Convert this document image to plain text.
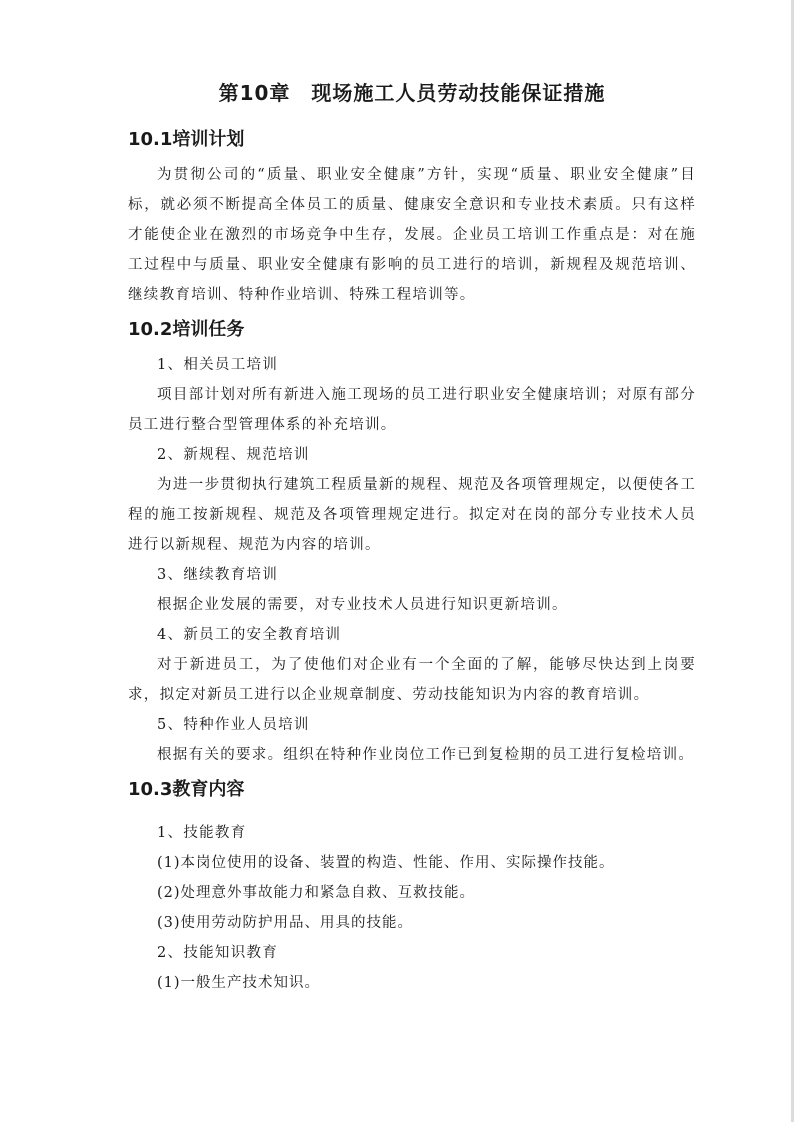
第10章　现场施工人员劳动技能保证措施
10.1培训计划

为贯彻公司的“质量、职业安全健康”方针，实现“质量、职业安全健康”目标，就必须不断提高全体员工的质量、健康安全意识和专业技术素质。只有这样才能使企业在激烈的市场竞争中生存，发展。企业员工培训工作重点是：对在施工过程中与质量、职业安全健康有影响的员工进行的培训，新规程及规范培训、继续教育培训、特种作业培训、特殊工程培训等。

10.2培训任务

1、相关员工培训

项目部计划对所有新进入施工现场的员工进行职业安全健康培训；对原有部分员工进行整合型管理体系的补充培训。

2、新规程、规范培训

为进一步贯彻执行建筑工程质量新的规程、规范及各项管理规定，以便使各工程的施工按新规程、规范及各项管理规定进行。拟定对在岗的部分专业技术人员进行以新规程、规范为内容的培训。

3、继续教育培训

根据企业发展的需要，对专业技术人员进行知识更新培训。

4、新员工的安全教育培训

对于新进员工，为了使他们对企业有一个全面的了解，能够尽快达到上岗要求，拟定对新员工进行以企业规章制度、劳动技能知识为内容的教育培训。

5、特种作业人员培训

根据有关的要求。组织在特种作业岗位工作已到复检期的员工进行复检培训。

10.3教育内容

1、技能教育

(1)本岗位使用的设备、装置的构造、性能、作用、实际操作技能。

(2)处理意外事故能力和紧急自救、互救技能。

(3)使用劳动防护用品、用具的技能。

2、技能知识教育

(1)一般生产技术知识。
